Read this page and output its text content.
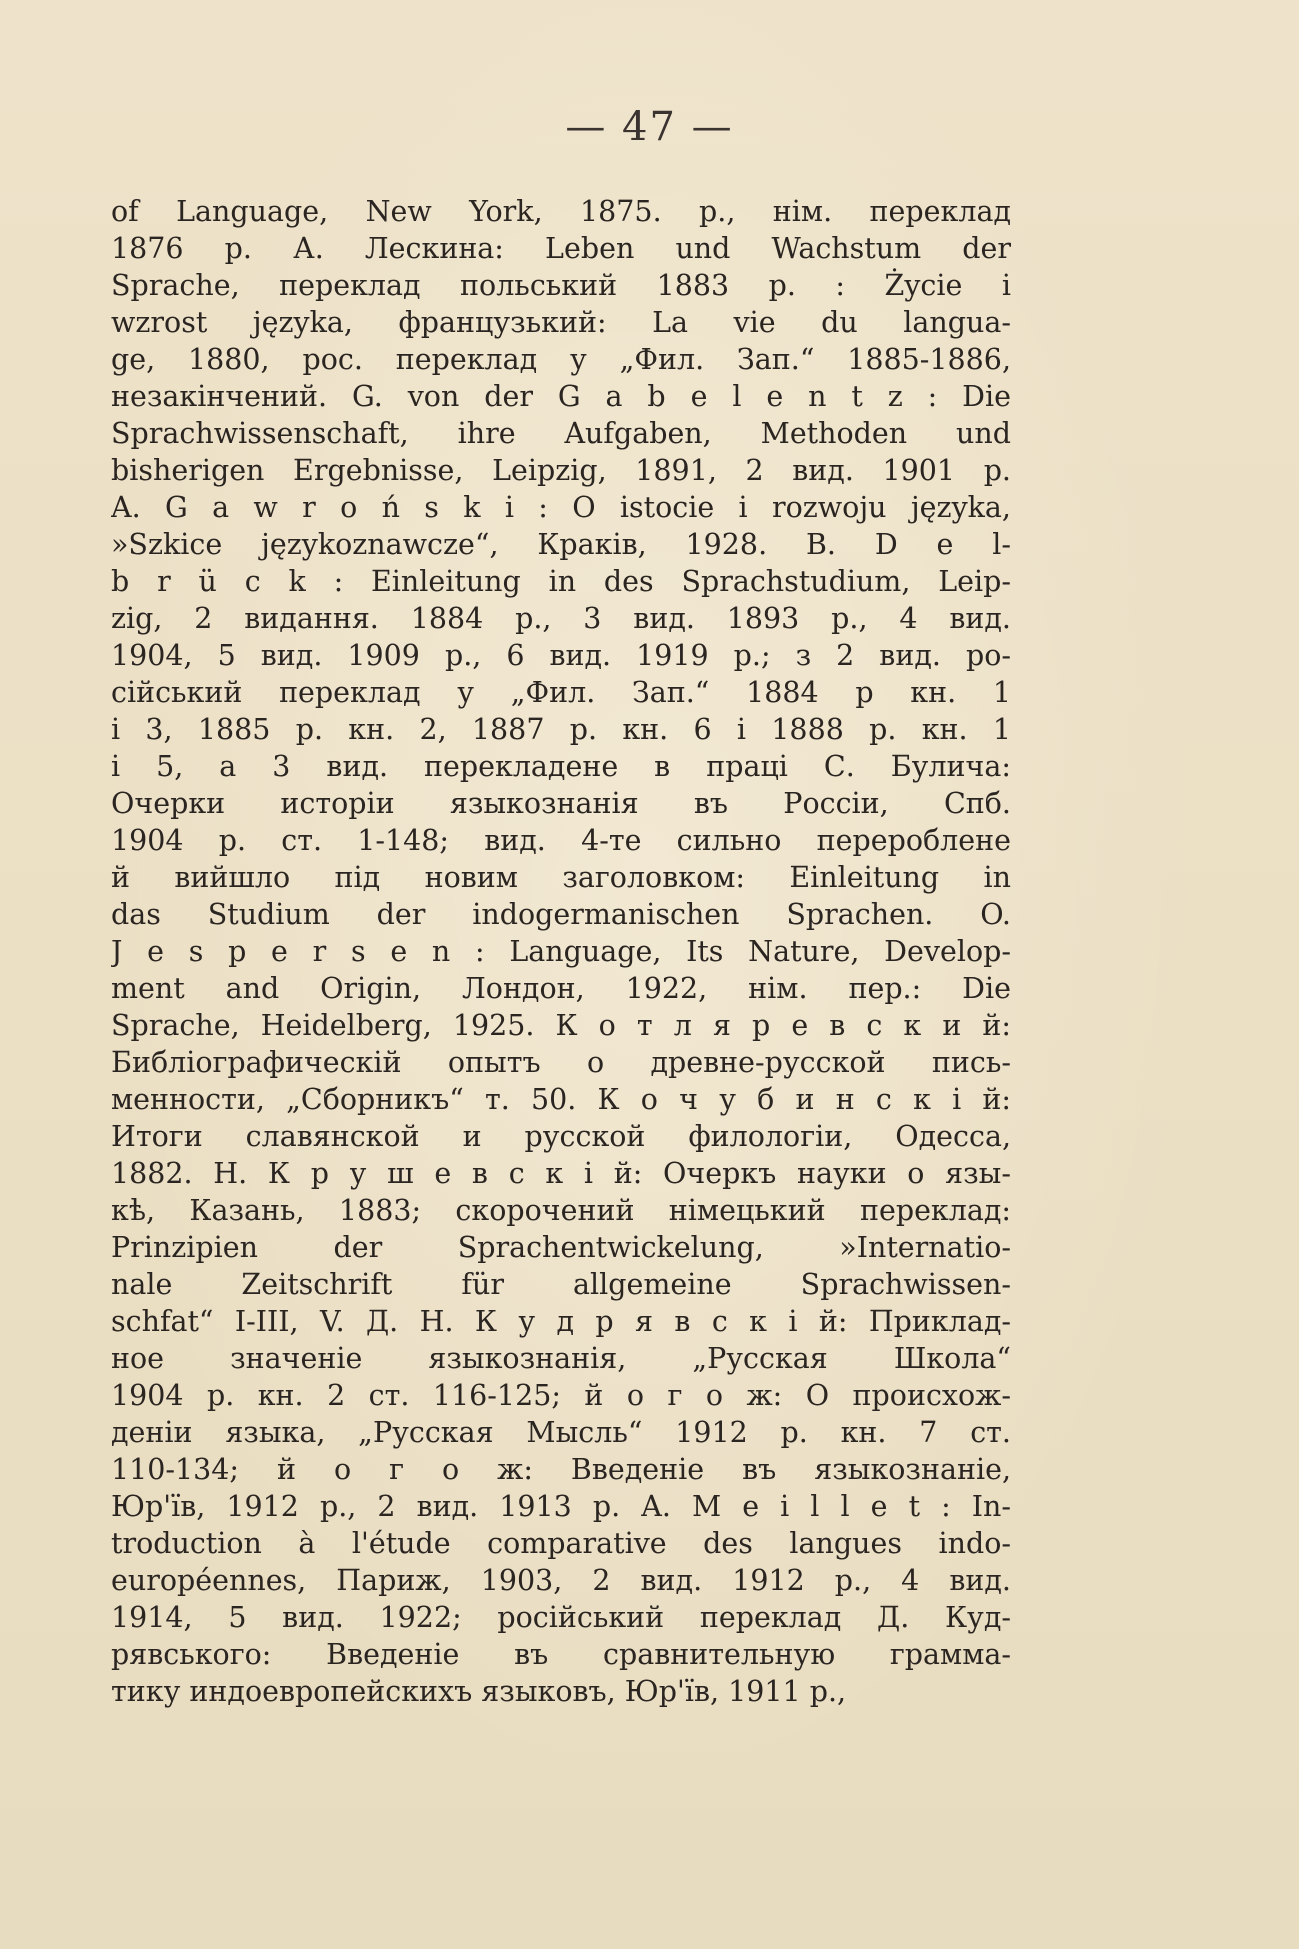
— 47 —
of Language, New York, 1875. р., нім. переклад
1876 р. А. Лескина: Leben und Wachstum der
Sprache, переклад польський 1883 р. : Życie i
wzrost języka, французький: La vie du langua-
ge, 1880, рос. переклад у „Фил. Зап.“ 1885-1886,
незакінчений. G. von der G a b e l e n t z : Die
Sprachwissenschaft, ihre Aufgaben, Methoden und
bisherigen Ergebnisse, Leipzig, 1891, 2 вид. 1901 р.
A. G a w r o ń s k i : O istocie i rozwoju języka,
»Szkice językoznawcze“, Краків, 1928. B. D e l-
b r ü c k : Einleitung in des Sprachstudium, Leip-
zig, 2 видання. 1884 р., 3 вид. 1893 р., 4 вид.
1904, 5 вид. 1909 р., 6 вид. 1919 р.; з 2 вид. ро-
сійський переклад у „Фил. Зап.“ 1884 р кн. 1
і 3, 1885 р. кн. 2, 1887 р. кн. 6 і 1888 р. кн. 1
і 5, а 3 вид. перекладене в праці С. Булича:
Очерки исторіи языкознанія въ Россіи, Спб.
1904 р. ст. 1-148; вид. 4-те сильно перероблене
й вийшло під новим заголовком: Einleitung in
das Studium der indogermanischen Sprachen. O.
J e s p e r s e n : Language, Its Nature, Develop-
ment and Origin, Лондон, 1922, нім. пер.: Die
Sprache, Heidelberg, 1925. К о т л я р е в с к и й:
Библіографическій опытъ о древне-русской пись-
менности, „Сборникъ“ т. 50. К о ч у б и н с к і й:
Итоги славянской и русской филологіи, Одесса,
1882. Н. К р у ш е в с к і й: Очеркъ науки о язы-
кѣ, Казань, 1883; скорочений німецький переклад:
Prinzipien der Sprachentwickelung, »Internatio-
nale Zeitschrift für allgemeine Sprachwissen-
schfat“ I-III, V. Д. Н. К у д р я в с к і й: Приклад-
ное значеніе языкознанія, „Русская Школа“
1904 р. кн. 2 ст. 116-125; й о г о ж: О происхож-
деніи языка, „Русская Мысль“ 1912 р. кн. 7 ст.
110-134; й о г о ж: Введеніе въ языкознаніе,
Юр'їв, 1912 р., 2 вид. 1913 р. A. M e i l l e t : In-
troduction à l'étude comparative des langues indo-
européennes, Париж, 1903, 2 вид. 1912 р., 4 вид.
1914, 5 вид. 1922; російський переклад Д. Куд-
рявського: Введеніе въ сравнительную грамма-
тику индоевропейскихъ языковъ, Юр'їв, 1911 р.,
